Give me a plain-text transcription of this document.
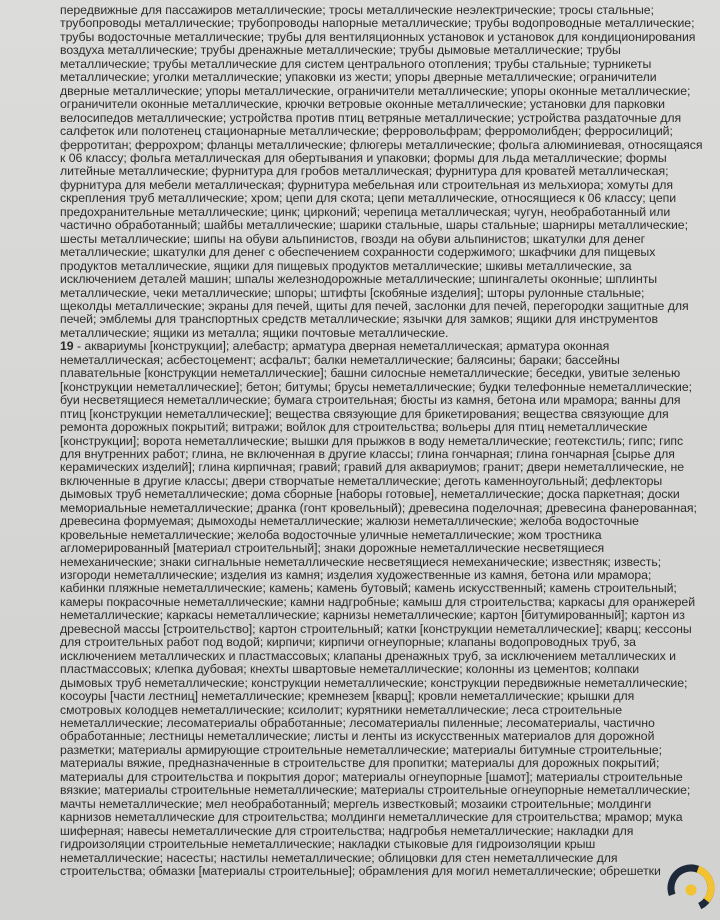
передвижные для пассажиров металлические; тросы металлические неэлектрические; тросы стальные;

трубопроводы металлические; трубопроводы напорные металлические; трубы водопроводные металлические;

трубы водосточные металлические; трубы для вентиляционных установок и установок для кондиционирования

воздуха металлические; трубы дренажные металлические; трубы дымовые металлические; трубы

металлические; трубы металлические для систем центрального отопления; трубы стальные; турникеты

металлические; уголки металлические; упаковки из жести; упоры дверные металлические; ограничители

дверные металлические; упоры металлические, ограничители металлические; упоры оконные металлические;

ограничители оконные металлические, крючки ветровые оконные металлические; установки для парковки

велосипедов металлические; устройства против птиц ветряные металлические; устройства раздаточные для

салфеток или полотенец стационарные металлические; ферровольфрам; ферромолибден; ферросилиций;

ферротитан; феррохром; фланцы металлические; флюгеры металлические; фольга алюминиевая, относящаяся

к 06 классу; фольга металлическая для обертывания и упаковки; формы для льда металлические; формы

литейные металлические; фурнитура для гробов металлическая; фурнитура для кроватей металлическая;

фурнитура для мебели металлическая; фурнитура мебельная или строительная из мельхиора; хомуты для

скрепления труб металлические; хром; цепи для скота; цепи металлические, относящиеся к 06 классу; цепи

предохранительные металлические; цинк; цирконий; черепица металлическая; чугун, необработанный или

частично обработанный; шайбы металлические; шарики стальные, шары стальные; шарниры металлические;

шесты металлические; шипы на обуви альпинистов, гвозди на обуви альпинистов; шкатулки для денег

металлические; шкатулки для денег с обеспечением сохранности содержимого; шкафчики для пищевых

продуктов металлические, ящики для пищевых продуктов металлические; шкивы металлические, за

исключением деталей машин; шпалы железнодорожные металлические; шпингалеты оконные; шплинты

металлические, чеки металлические; шпоры; штифты [скобяные изделия]; шторы рулонные стальные;

щеколды металлические; экраны для печей, щиты для печей, заслонки для печей, перегородки защитные для

печей; эмблемы для транспортных средств металлические; язычки для замков; ящики для инструментов

металлические; ящики из металла; ящики почтовые металлические.

19 - аквариумы [конструкции]; алебастр; арматура дверная неметаллическая; арматура оконная

неметаллическая; асбестоцемент; асфальт; балки неметаллические; балясины; бараки; бассейны

плавательные [конструкции неметаллические]; башни силосные неметаллические; беседки, увитые зеленью

[конструкции неметаллические]; бетон; битумы; брусы неметаллические; будки телефонные неметаллические;

буи несветящиеся неметаллические; бумага строительная; бюсты из камня, бетона или мрамора; ванны для

птиц [конструкции неметаллические]; вещества связующие для брикетирования; вещества связующие для

ремонта дорожных покрытий; витражи; войлок для строительства; вольеры для птиц неметаллические

[конструкции]; ворота неметаллические; вышки для прыжков в воду неметаллические; геотекстиль; гипс; гипс

для внутренних работ; глина, не включенная в другие классы; глина гончарная; глина гончарная [сырье для

керамических изделий]; глина кирпичная; гравий; гравий для аквариумов; гранит; двери неметаллические, не

включенные в другие классы; двери створчатые неметаллические; деготь каменноугольный; дефлекторы

дымовых труб неметаллические; дома сборные [наборы готовые], неметаллические; доска паркетная; доски

мемориальные неметаллические; дранка (гонт кровельный); древесина поделочная; древесина фанерованная;

древесина формуемая; дымоходы неметаллические; жалюзи неметаллические; желоба водосточные

кровельные неметаллические; желоба водосточные уличные неметаллические; жом тростника

агломерированный [материал строительный]; знаки дорожные неметаллические несветящиеся

немеханические; знаки сигнальные неметаллические несветящиеся немеханические; известняк; известь;

изгороди неметаллические; изделия из камня; изделия художественные из камня, бетона или мрамора;

кабинки пляжные неметаллические; камень; камень бутовый; камень искусственный; камень строительный;

камеры покрасочные неметаллические; камни надгробные; камыш для строительства; каркасы для оранжерей

неметаллические; каркасы неметаллические; карнизы неметаллические; картон [битумированный]; картон из

древесной массы [строительство]; картон строительный; катки [конструкции неметаллические]; кварц; кессоны

для строительных работ под водой; кирпичи; кирпичи огнеупорные; клапаны водопроводных труб, за

исключением металлических и пластмассовых; клапаны дренажных труб, за исключением металлических и

пластмассовых; клепка дубовая; кнехты швартовые неметаллические; колонны из цементов; колпаки

дымовых труб неметаллические; конструкции неметаллические; конструкции передвижные неметаллические;

косоуры [части лестниц] неметаллические; кремнезем [кварц]; кровли неметаллические; крышки для

смотровых колодцев неметаллические; ксилолит; курятники неметаллические; леса строительные

неметаллические; лесоматериалы обработанные; лесоматериалы пиленные; лесоматериалы, частично

обработанные; лестницы неметаллические; листы и ленты из искусственных материалов для дорожной

разметки; материалы армирующие строительные неметаллические; материалы битумные строительные;

материалы вяжие, предназначенные в строительстве для пропитки; материалы для дорожных покрытий;

материалы для строительства и покрытия дорог; материалы огнеупорные [шамот]; материалы строительные

вязкие; материалы строительные неметаллические; материалы строительные огнеупорные неметаллические;

мачты неметаллические; мел необработанный; мергель известковый; мозаики строительные; молдинги

карнизов неметаллические для строительства; молдинги неметаллические для строительства; мрамор; мука

шиферная; навесы неметаллические для строительства; надгробья неметаллические; накладки для

гидроизоляции строительные неметаллические; накладки стыковые для гидроизоляции крыш

неметаллические; насесты; настилы неметаллические; облицовки для стен неметаллические для

строительства; обмазки [материалы строительные]; обрамления для могил неметаллические; обрешетки
